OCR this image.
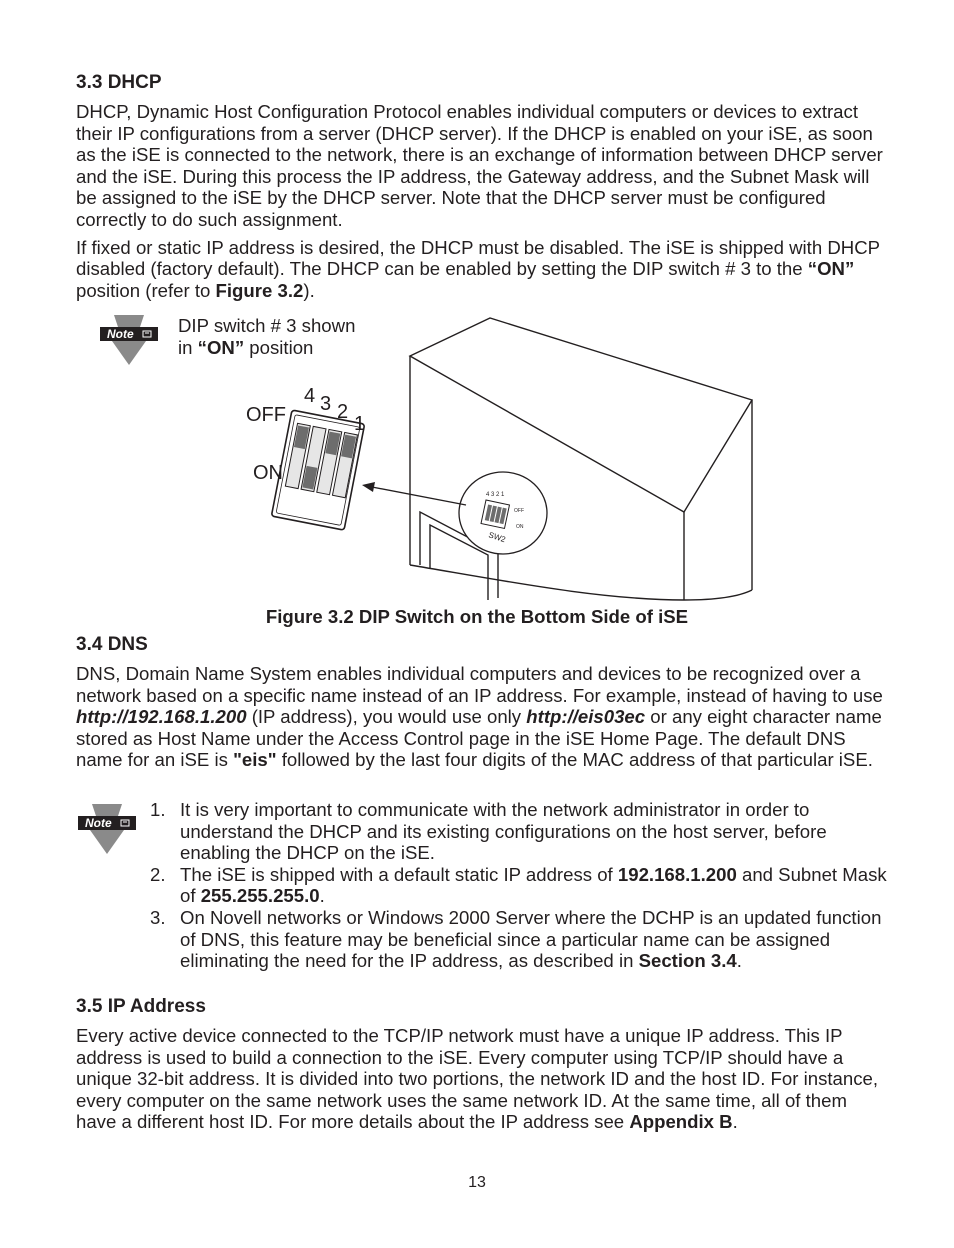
3.3 DHCP

DHCP, Dynamic Host Configuration Protocol enables individual computers or devices to extract their IP configurations from a server (DHCP server). If the DHCP is enabled on your iSE, as soon as the iSE is connected to the network, there is an exchange of information between DHCP server and the iSE. During this process the IP address, the Gateway address, and the Subnet Mask will be assigned to the iSE by the DHCP server. Note that the DHCP server must be configured correctly to do such assignment.

If fixed or static IP address is desired, the DHCP must be disabled. The iSE is shipped with DHCP disabled (factory default). The DHCP can be enabled by setting the DIP switch # 3 to the “ON” position (refer to Figure 3.2).

Note DIP switch # 3 shown
in “ON” position
4 3 2 1
OFF
ON
SW2
4 3 2
1
OFF
ON
Figure 3.2 DIP Switch on the Bottom Side of iSE
3.4 DNS
DNS, Domain Name System enables individual computers and devices to be recognized over a network based on a specific name instead of an IP address. For example, instead of having to use http://192.168.1.200 (IP address), you would use only http://eis03ec or any eight character name stored as Host Name under the Access Control page in the iSE Home Page. The default DNS name for an iSE is "eis" followed by the last four digits of the MAC address of that particular iSE.
Note
1. It is very important to communicate with the network administrator in order to understand the DHCP and its existing configurations on the host server, before enabling the DHCP on the iSE.
2. The iSE is shipped with a default static IP address of 192.168.1.200 and Subnet Mask of 255.255.255.0.
3. On Novell networks or Windows 2000 Server where the DCHP is an updated function of DNS, this feature may be beneficial since a particular name can be assigned eliminating the need for the IP address, as described in Section 3.4.
3.5 IP Address
Every active device connected to the TCP/IP network must have a unique IP address. This IP address is used to build a connection to the iSE. Every computer using TCP/IP should have a unique 32-bit address. It is divided into two portions, the network ID and the host ID. For instance, every computer on the same network uses the same network ID. At the same time, all of them have a different host ID. For more details about the IP address see Appendix B.
13
